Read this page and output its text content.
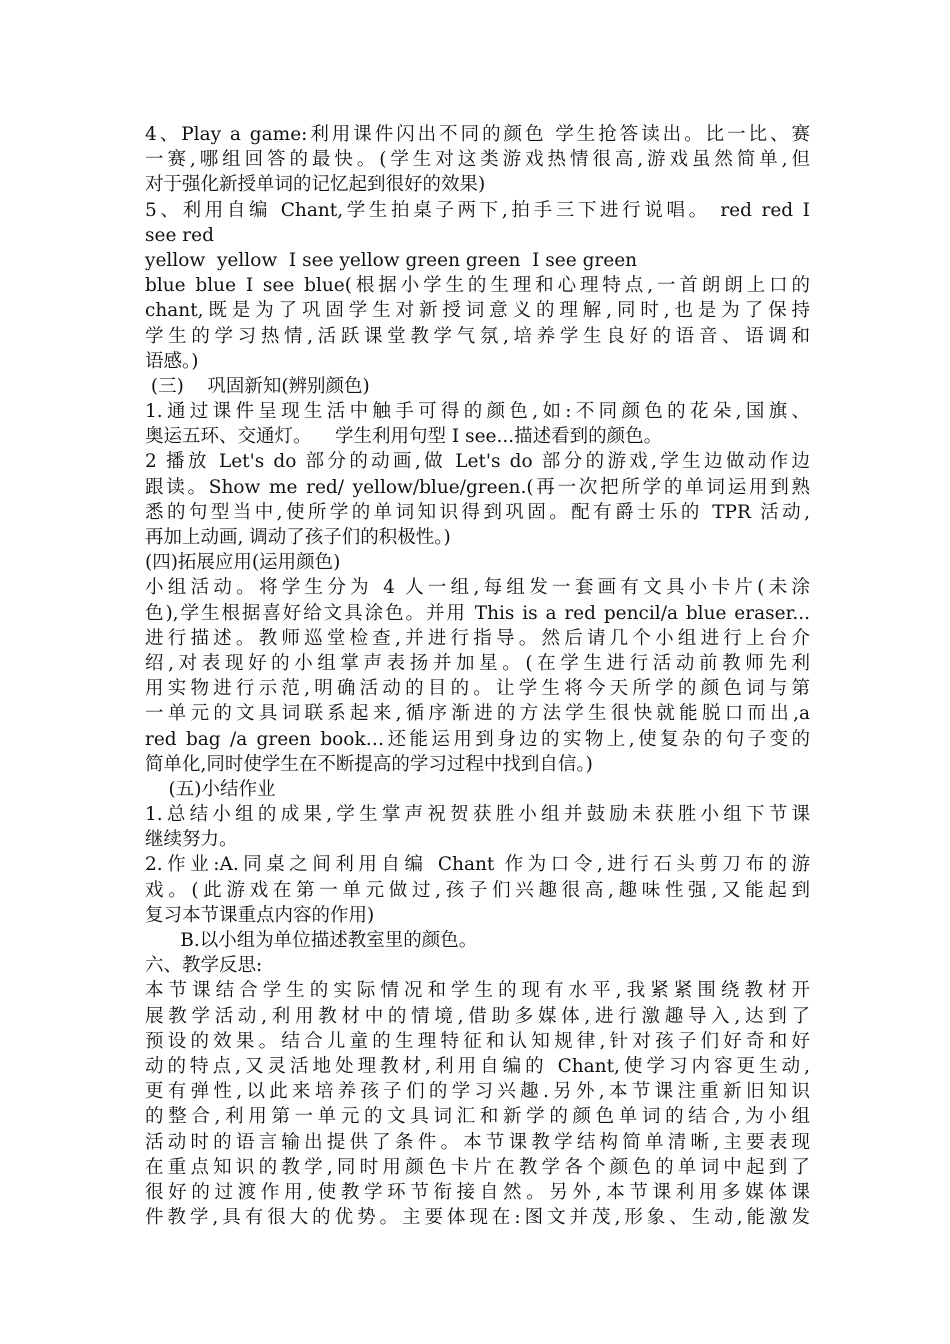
4、Play a game:利用课件闪出不同的颜色 学生抢答读出。比一比、赛
一赛,哪组回答的最快。(学生对这类游戏热情很高,游戏虽然简单,但
对于强化新授单词的记忆起到很好的效果)
5、利用自编 Chant,学生拍桌子两下,拍手三下进行说唱。 red red I
see red
yellow  yellow  I see yellow green green  I see green
blue blue I see blue(根据小学生的生理和心理特点,一首朗朗上口的
chant,既是为了巩固学生对新授词意义的理解,同时,也是为了保持
学生的学习热情,活跃课堂教学气氛,培养学生良好的语音、语调和
语感。)
(三)    巩固新知(辨别颜色)
1.通过课件呈现生活中触手可得的颜色,如:不同颜色的花朵,国旗、
奥运五环、交通灯。    学生利用句型 I see...描述看到的颜色。
2 播放 Let's do 部分的动画,做 Let's do 部分的游戏,学生边做动作边
跟读。Show me red/ yellow/blue/green.(再一次把所学的单词运用到熟
悉的句型当中,使所学的单词知识得到巩固。配有爵士乐的 TPR 活动,
再加上动画, 调动了孩子们的积极性。)
(四)拓展应用(运用颜色)
小组活动。将学生分为 4 人一组,每组发一套画有文具小卡片(未涂
色),学生根据喜好给文具涂色。并用 This is a red pencil/a blue eraser...
进行描述。教师巡堂检查,并进行指导。然后请几个小组进行上台介
绍,对表现好的小组掌声表扬并加星。(在学生进行活动前教师先利
用实物进行示范,明确活动的目的。让学生将今天所学的颜色词与第
一单元的文具词联系起来,循序渐进的方法学生很快就能脱口而出,a
red bag /a green book…还能运用到身边的实物上,使复杂的句子变的
简单化,同时使学生在不断提高的学习过程中找到自信。)
(五)小结作业
1.总结小组的成果,学生掌声祝贺获胜小组并鼓励未获胜小组下节课
继续努力。
2.作业:A.同桌之间利用自编 Chant 作为口令,进行石头剪刀布的游
戏。(此游戏在第一单元做过,孩子们兴趣很高,趣味性强,又能起到
复习本节课重点内容的作用)
B.以小组为单位描述教室里的颜色。
六、教学反思:
本节课结合学生的实际情况和学生的现有水平,我紧紧围绕教材开
展教学活动,利用教材中的情境,借助多媒体,进行激趣导入,达到了
预设的效果。结合儿童的生理特征和认知规律,针对孩子们好奇和好
动的特点,又灵活地处理教材,利用自编的 Chant,使学习内容更生动,
更有弹性,以此来培养孩子们的学习兴趣.另外,本节课注重新旧知识
的整合,利用第一单元的文具词汇和新学的颜色单词的结合,为小组
活动时的语言输出提供了条件。本节课教学结构简单清晰,主要表现
在重点知识的教学,同时用颜色卡片在教学各个颜色的单词中起到了
很好的过渡作用,使教学环节衔接自然。另外,本节课利用多媒体课
件教学,具有很大的优势。主要体现在:图文并茂,形象、生动,能激发
